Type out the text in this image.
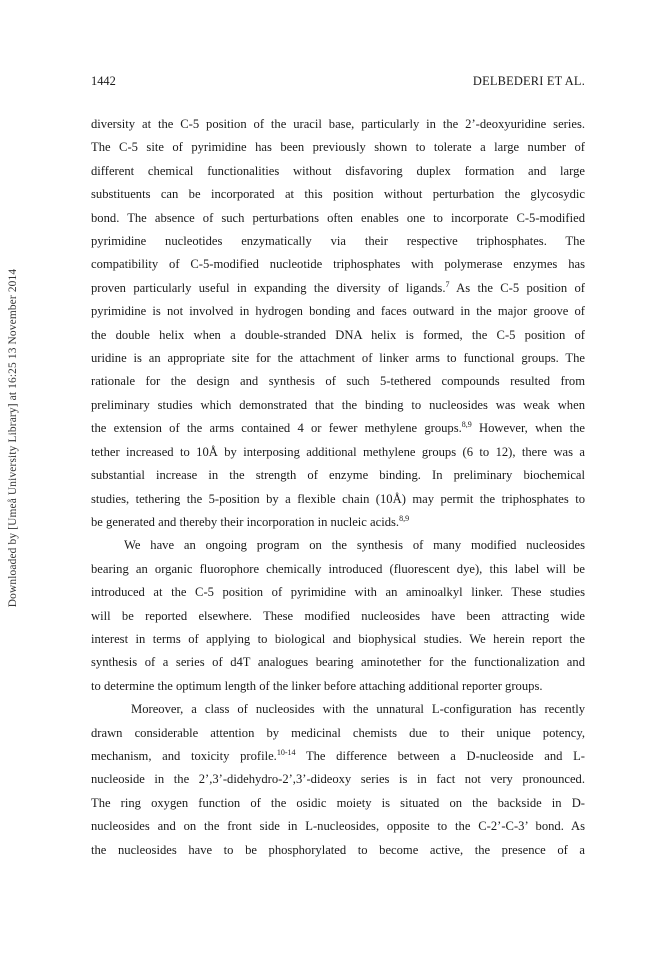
1442	DELBEDERI ET AL.
Downloaded by [Umeå University Library] at 16:25 13 November 2014

diversity at the C-5 position of the uracil base, particularly in the 2’-deoxyuridine series.

The C-5 site of pyrimidine has been previously shown to tolerate a large number of

different chemical functionalities without disfavoring duplex formation and large

substituents can be incorporated at this position without perturbation the glycosydic

bond. The absence of such perturbations often enables one to incorporate C-5-modified

pyrimidine nucleotides enzymatically via their respective triphosphates. The

compatibility of C-5-modified nucleotide triphosphates with polymerase enzymes has

proven particularly useful in expanding the diversity of ligands.$^7$ As the C-5 position of

pyrimidine is not involved in hydrogen bonding and faces outward in the major groove of

the double helix when a double-stranded DNA helix is formed, the C-5 position of

uridine is an appropriate site for the attachment of linker arms to functional groups. The

rationale for the design and synthesis of such 5-tethered compounds resulted from

preliminary studies which demonstrated that the binding to nucleosides was weak when

the extension of the arms contained 4 or fewer methylene groups.$^{8,9}$ However, when the

tether increased to 10Å by interposing additional methylene groups (6 to 12), there was a

substantial increase in the strength of enzyme binding. In preliminary biochemical

studies, tethering the 5-position by a flexible chain (10Å) may permit the triphosphates to

be generated and thereby their incorporation in nucleic acids.$^{8,9}$

We have an ongoing program on the synthesis of many modified nucleosides

bearing an organic fluorophore chemically introduced (fluorescent dye), this label will be

introduced at the C-5 position of pyrimidine with an aminoalkyl linker. These studies

will be reported elsewhere. These modified nucleosides have been attracting wide

interest in terms of applying to biological and biophysical studies. We herein report the

synthesis of a series of d4T analogues bearing aminotether for the functionalization and

to determine the optimum length of the linker before attaching additional reporter groups.

Moreover, a class of nucleosides with the unnatural L-configuration has recently

drawn considerable attention by medicinal chemists due to their unique potency,

mechanism, and toxicity profile.$^{10-14}$ The difference between a D-nucleoside and L-

nucleoside in the 2’,3’-didehydro-2’,3’-dideoxy series is in fact not very pronounced.

The ring oxygen function of the osidic moiety is situated on the backside in D-

nucleosides and on the front side in L-nucleosides, opposite to the C-2’-C-3’ bond. As

the nucleosides have to be phosphorylated to become active, the presence of a
